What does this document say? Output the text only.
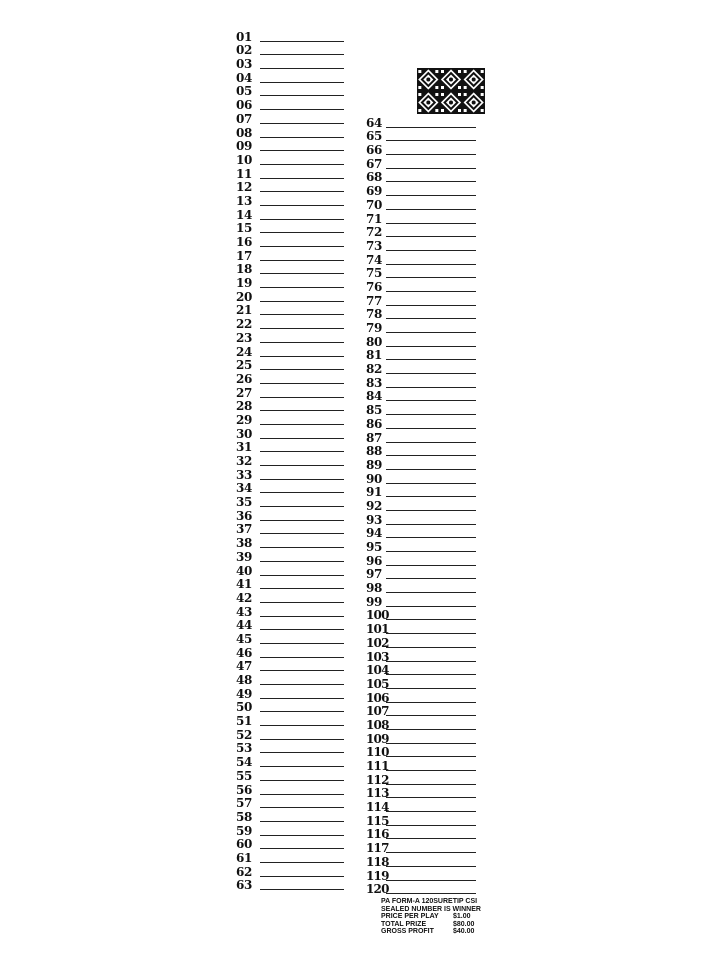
01
02
03
04
05
06
07
08
09
10
11
12
13
14
15
16
17
18
19
20
21
22
23
24
25
26
27
28
29
30
31
32
33
34
35
36
37
38
39
40
41
42
43
44
45
46
47
48
49
50
51
52
53
54
55
56
57
58
59
60
61
62
63
64
65
66
67
68
69
70
71
72
73
74
75
76
77
78
79
80
81
82
83
84
85
86
87
88
89
90
91
92
93
94
95
96
97
98
99
100
101
102
103
104
105
106
107
108
109
110
111
112
113
114
115
116
117
118
119
120
PA FORM-A 120SURETIP CSI
SEALED NUMBER IS WINNER
PRICE PER PLAY	$1.00
TOTAL PRIZE	$80.00
GROSS PROFIT	$40.00
